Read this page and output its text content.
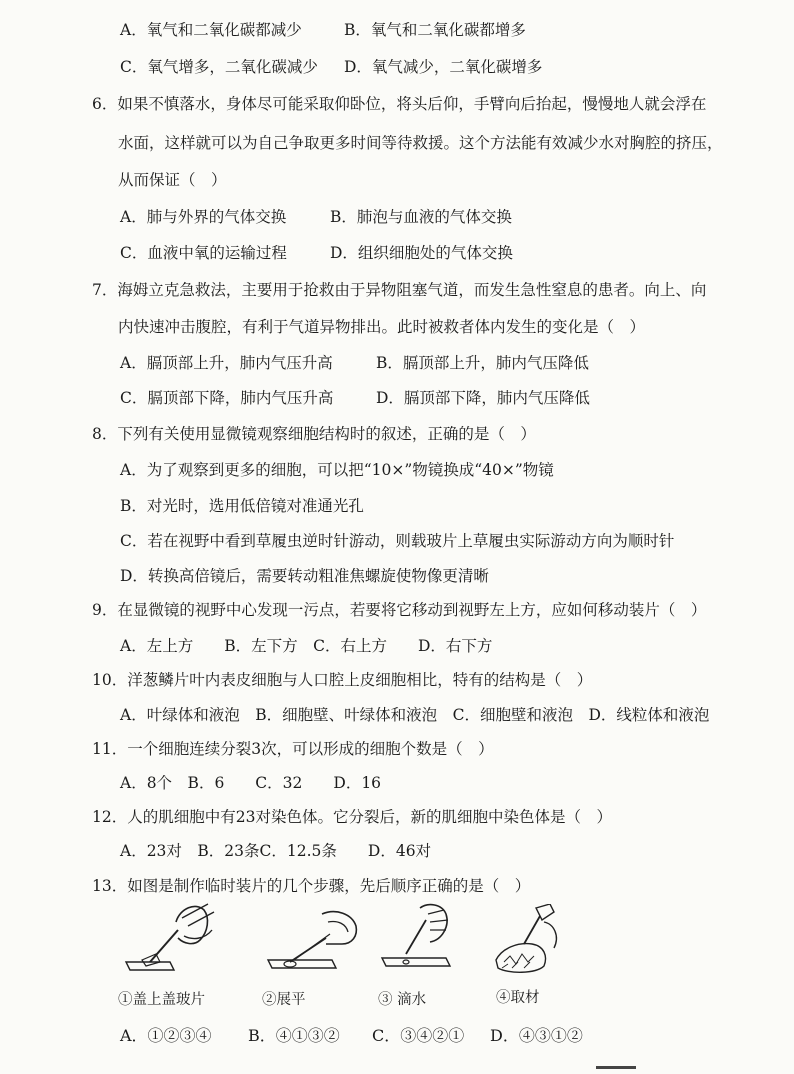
A．氧气和二氧化碳都减少	B．氧气和二氧化碳都增多
C．氧气增多，二氧化碳减少 D．氧气减少，二氧化碳增多
6．如果不慎落水，身体尽可能采取仰卧位，将头后仰，手臂向后抬起，慢慢地人就会浮在
水面，这样就可以为自己争取更多时间等待救援。这个方法能有效减少水对胸腔的挤压，
从而保证（　）
A．肺与外界的气体交换	B．肺泡与血液的气体交换
C．血液中氧的运输过程	D．组织细胞处的气体交换
7．海姆立克急救法，主要用于抢救由于异物阻塞气道，而发生急性窒息的患者。向上、向
内快速冲击腹腔，有利于气道异物排出。此时被救者体内发生的变化是（　）
A．膈顶部上升，肺内气压升高	B．膈顶部上升，肺内气压降低
C．膈顶部下降，肺内气压升高	D．膈顶部下降，肺内气压降低
8．下列有关使用显微镜观察细胞结构时的叙述，正确的是（　）
A．为了观察到更多的细胞，可以把“10×”物镜换成“40×”物镜
B．对光时，选用低倍镜对准通光孔
C．若在视野中看到草履虫逆时针游动，则载玻片上草履虫实际游动方向为顺时针
D．转换高倍镜后，需要转动粗准焦螺旋使物像更清晰
9．在显微镜的视野中心发现一污点，若要将它移动到视野左上方，应如何移动装片（　）
A．左上方　　B．左下方　C．右上方　　D．右下方
10．洋葱鳞片叶内表皮细胞与人口腔上皮细胞相比，特有的结构是（　）
A．叶绿体和液泡　B．细胞壁、叶绿体和液泡　C．细胞壁和液泡　D．线粒体和液泡
11．一个细胞连续分裂3次，可以形成的细胞个数是（　）
A．8个　B．6　　C．32　　D．16
12．人的肌细胞中有23对染色体。它分裂后，新的肌细胞中染色体是（　）
A．23对　B．23条C．12.5条　　D．46对
13．如图是制作临时装片的几个步骤，先后顺序正确的是（　）
①盖上盖玻片	②展平	③ 滴水	④取材
A．①②③④ B．④①③② C．③④②① D．④③①②
